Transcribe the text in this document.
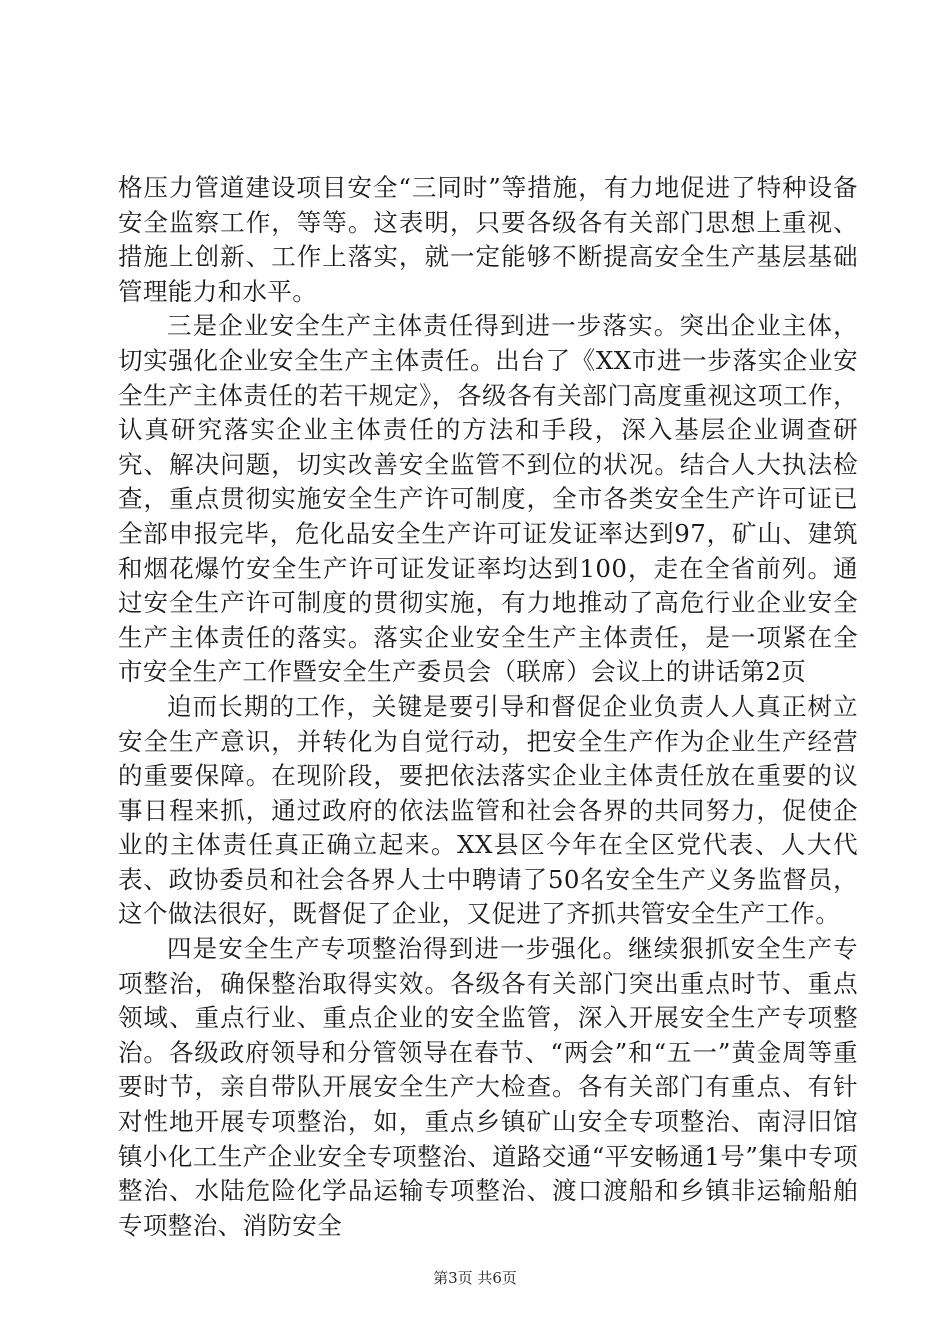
格压力管道建设项目安全“三同时”等措施，有力地促进了特种设备安全监察工作，等等。这表明，只要各级各有关部门思想上重视、措施上创新、工作上落实，就一定能够不断提高安全生产基层基础管理能力和水平。

三是企业安全生产主体责任得到进一步落实。突出企业主体，切实强化企业安全生产主体责任。出台了《XX市进一步落实企业安全生产主体责任的若干规定》，各级各有关部门高度重视这项工作，认真研究落实企业主体责任的方法和手段，深入基层企业调查研究、解决问题，切实改善安全监管不到位的状况。结合人大执法检查，重点贯彻实施安全生产许可制度，全市各类安全生产许可证已全部申报完毕，危化品安全生产许可证发证率达到97，矿山、建筑和烟花爆竹安全生产许可证发证率均达到100，走在全省前列。通过安全生产许可制度的贯彻实施，有力地推动了高危行业企业安全生产主体责任的落实。落实企业安全生产主体责任，是一项紧在全市安全生产工作暨安全生产委员会（联席）会议上的讲话第2页

迫而长期的工作，关键是要引导和督促企业负责人人真正树立安全生产意识，并转化为自觉行动，把安全生产作为企业生产经营的重要保障。在现阶段，要把依法落实企业主体责任放在重要的议事日程来抓，通过政府的依法监管和社会各界的共同努力，促使企业的主体责任真正确立起来。XX县区今年在全区党代表、人大代表、政协委员和社会各界人士中聘请了50名安全生产义务监督员，这个做法很好，既督促了企业，又促进了齐抓共管安全生产工作。

四是安全生产专项整治得到进一步强化。继续狠抓安全生产专项整治，确保整治取得实效。各级各有关部门突出重点时节、重点领域、重点行业、重点企业的安全监管，深入开展安全生产专项整治。各级政府领导和分管领导在春节、“两会”和“五一”黄金周等重要时节，亲自带队开展安全生产大检查。各有关部门有重点、有针对性地开展专项整治，如，重点乡镇矿山安全专项整治、南浔旧馆镇小化工生产企业安全专项整治、道路交通“平安畅通1号”集中专项整治、水陆危险化学品运输专项整治、渡口渡船和乡镇非运输船舶专项整治、消防安全

第3页 共6页
